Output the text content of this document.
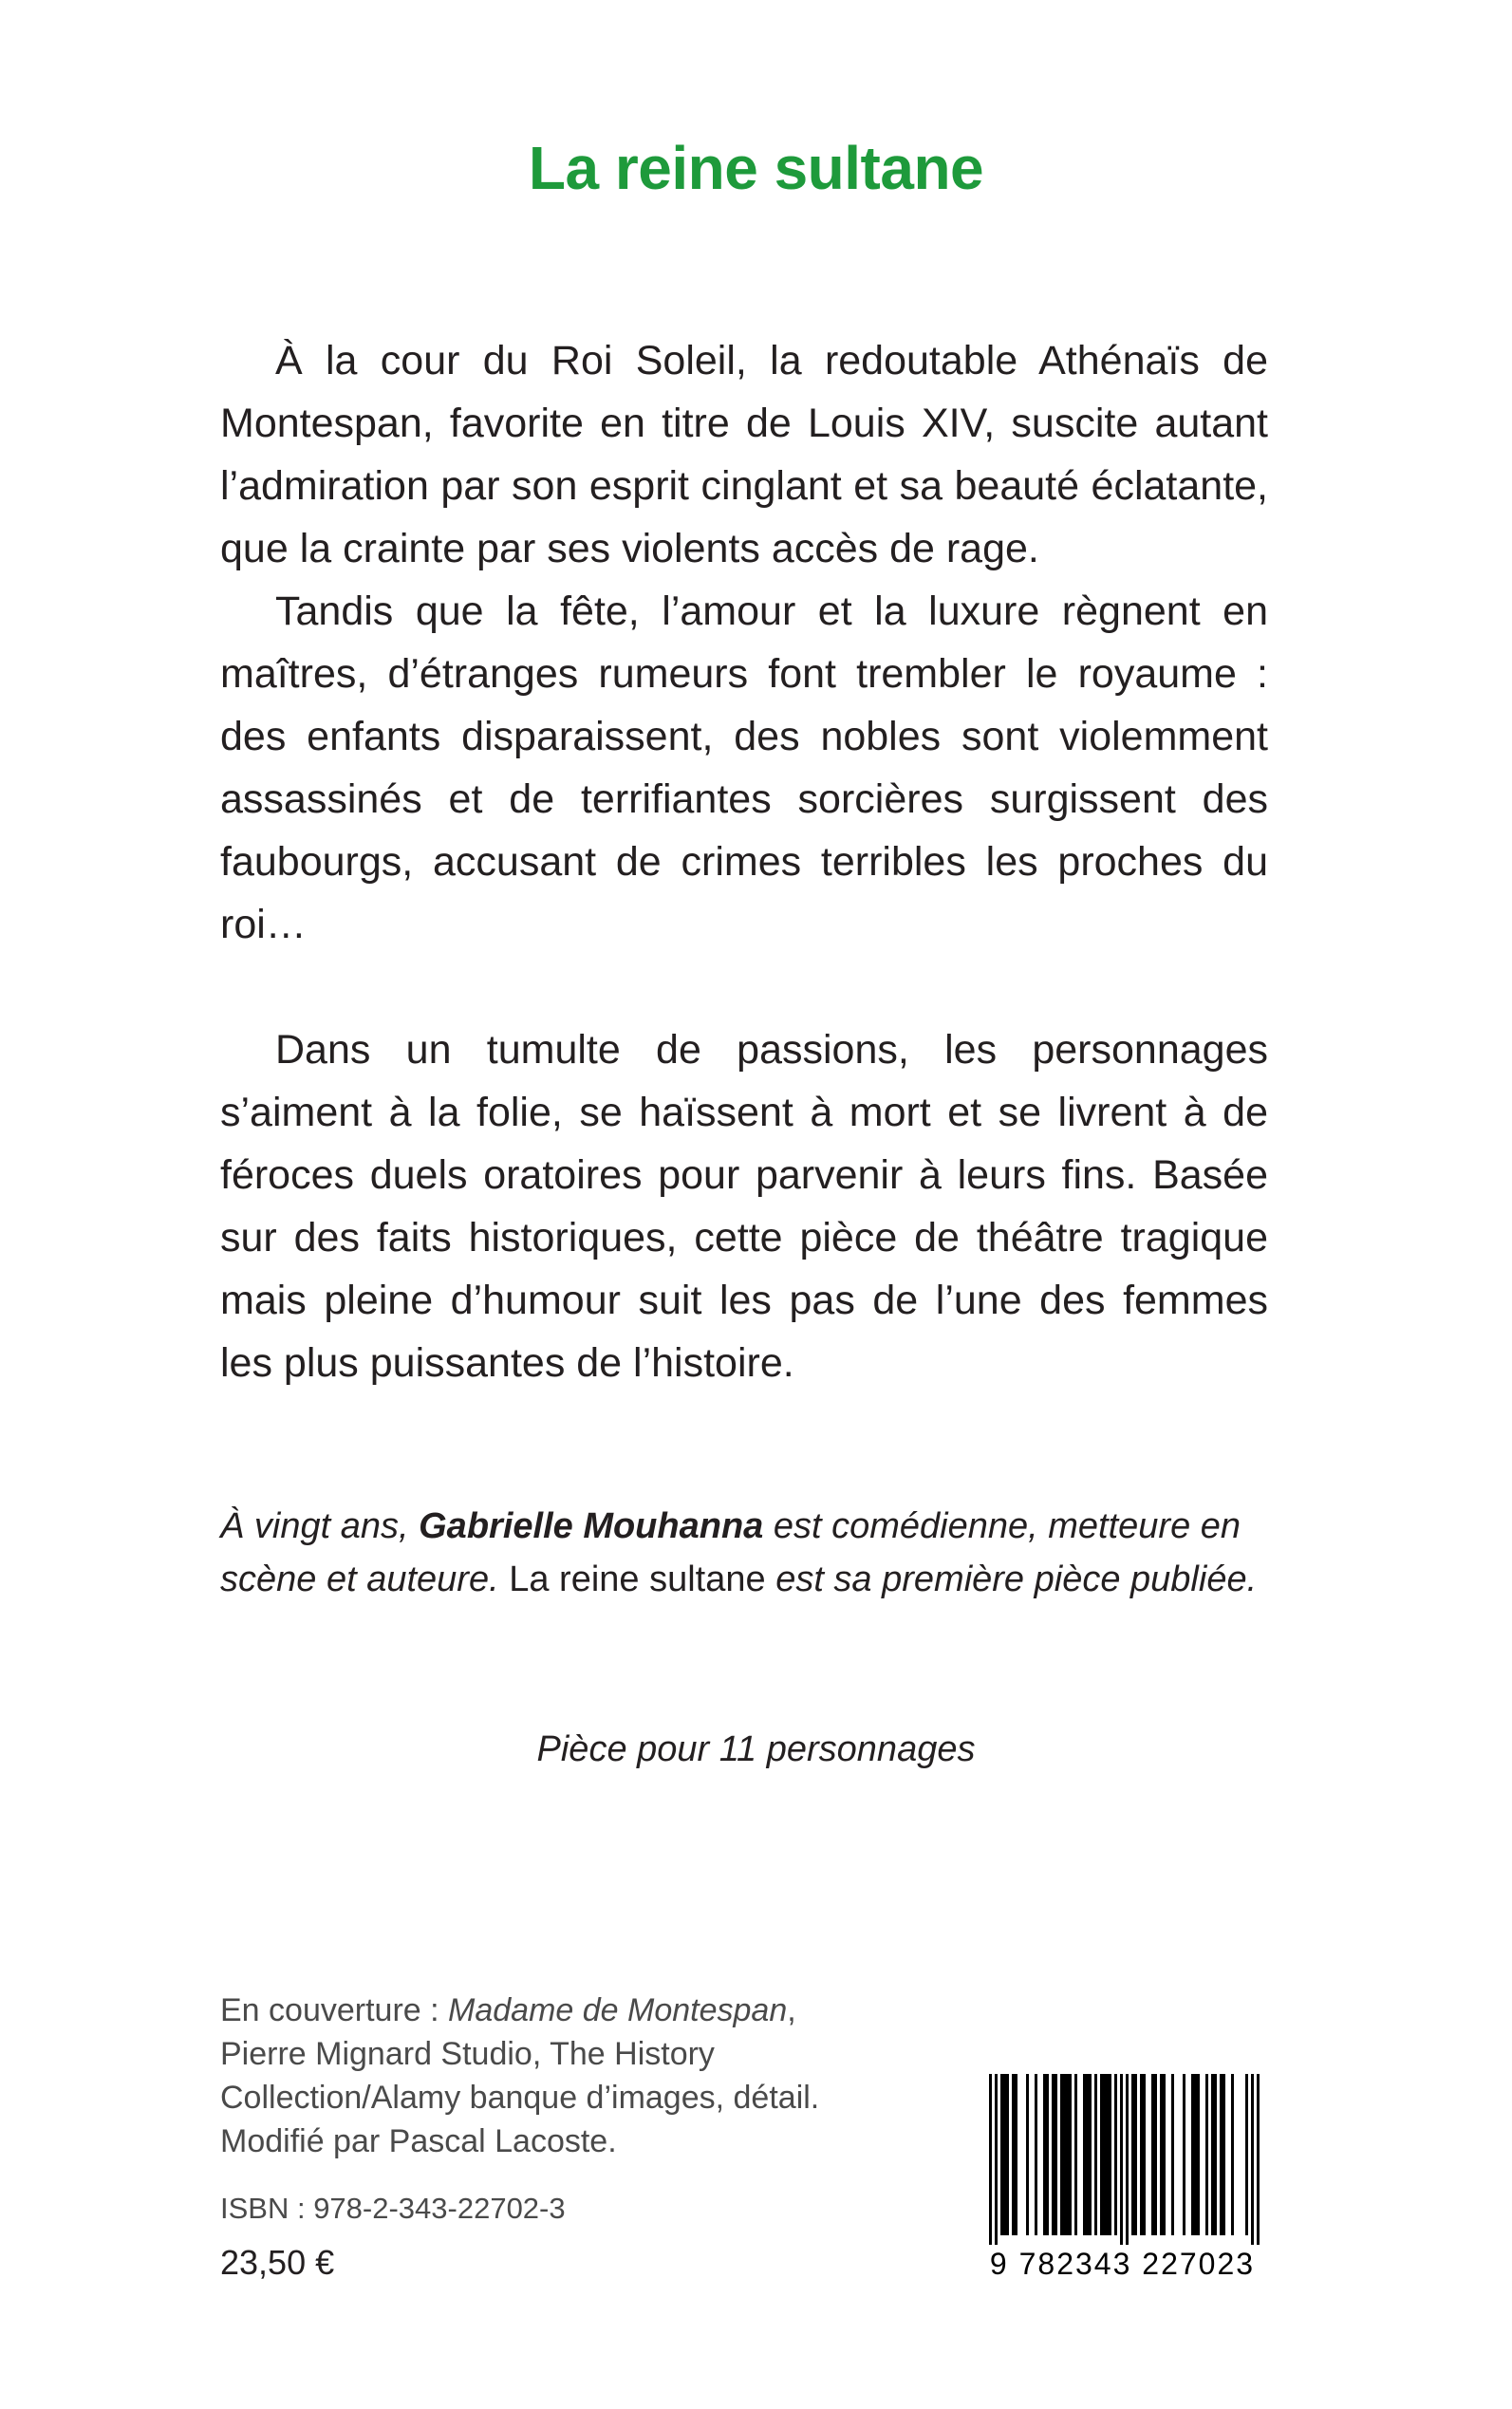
La reine sultane

À la cour du Roi Soleil, la redoutable Athénaïs de Montespan, favorite en titre de Louis XIV, suscite autant l’admiration par son esprit cinglant et sa beauté éclatante, que la crainte par ses violents accès de rage.

Tandis que la fête, l’amour et la luxure règnent en maîtres, d’étranges rumeurs font trembler le royaume : des enfants disparaissent, des nobles sont violemment assassinés et de terrifiantes sorcières surgissent des faubourgs, accusant de crimes terribles les proches du roi…

Dans un tumulte de passions, les personnages s’aiment à la folie, se haïssent à mort et se livrent à de féroces duels oratoires pour parvenir à leurs fins. Basée sur des faits historiques, cette pièce de théâtre tragique mais pleine d’humour suit les pas de l’une des femmes les plus puissantes de l’histoire.

À vingt ans, Gabrielle Mouhanna est comédienne, metteure en scène et auteure. La reine sultane est sa première pièce publiée.

Pièce pour 11 personnages

En couverture : Madame de Montespan,
Pierre Mignard Studio, The History
Collection/Alamy banque d’images, détail.
Modifié par Pascal Lacoste.
ISBN : 978-2-343-22702-3
23,50 €	9 782343 227023
